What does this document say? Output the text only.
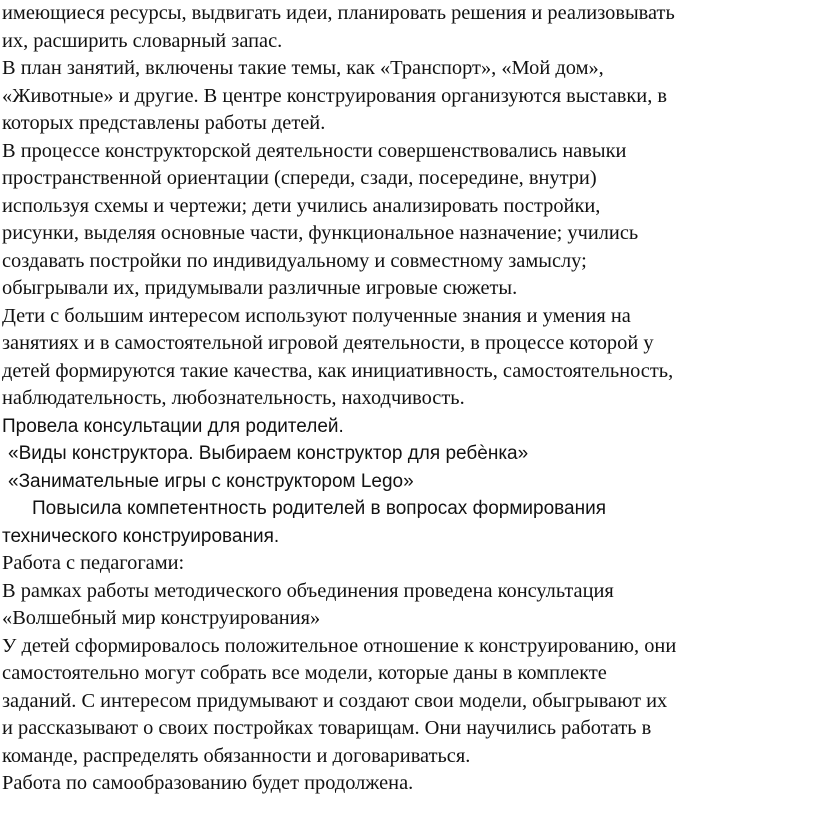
имеющиеся ресурсы, выдвигать идеи, планировать решения и реализовывать
их, расширить словарный запас.
В план занятий, включены такие темы, как «Транспорт», «Мой дом»,
«Животные» и другие. В центре конструирования организуются выставки, в
которых представлены работы детей.
В процессе конструкторской деятельности совершенствовались навыки
пространственной ориентации (спереди, сзади, посередине, внутри)
используя схемы и чертежи; дети учились анализировать постройки,
рисунки, выделяя основные части, функциональное назначение; учились
создавать постройки по индивидуальному и совместному замыслу;
обыгрывали их, придумывали различные игровые сюжеты.
Дети с большим интересом используют полученные знания и умения на
занятиях и в самостоятельной игровой деятельности, в процессе которой у
детей формируются такие качества, как инициативность, самостоятельность,
наблюдательность, любознательность, находчивость.
Провела консультации для родителей.
«Виды конструктора. Выбираем конструктор для ребѐнка»
«Занимательные игры с конструктором Lego»
Повысила компетентность родителей в вопросах формирования
технического конструирования.
Работа с педагогами:
В рамках работы методического объединения проведена консультация
«Волшебный мир конструирования»
У детей сформировалось положительное отношение к конструированию, они
самостоятельно могут собрать все модели, которые даны в комплекте
заданий. С интересом придумывают и создают свои модели, обыгрывают их
и рассказывают о своих постройках товарищам. Они научились работать в
команде, распределять обязанности и договариваться.
Работа по самообразованию будет продолжена.
